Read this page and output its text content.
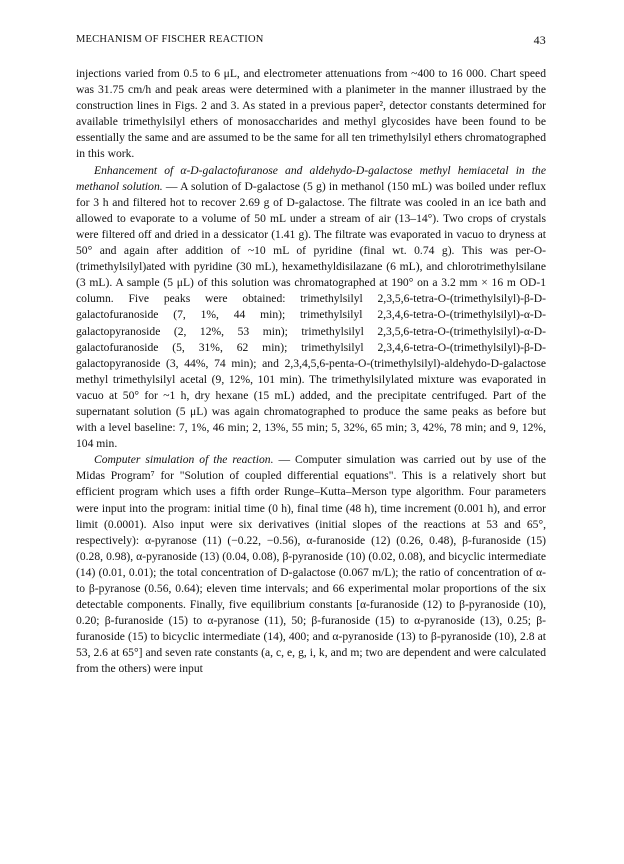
MECHANISM OF FISCHER REACTION	43

injections varied from 0.5 to 6 μL, and electrometer attenuations from ~400 to 16 000. Chart speed was 31.75 cm/h and peak areas were determined with a planimeter in the manner illustraed by the construction lines in Figs. 2 and 3. As stated in a previous paper², detector constants determined for available trimethylsilyl ethers of monosaccharides and methyl glycosides have been found to be essentially the same and are assumed to be the same for all ten trimethylsilyl ethers chromatographed in this work.

Enhancement of α-D-galactofuranose and aldehydo-D-galactose methyl hemiacetal in the methanol solution. — A solution of D-galactose (5 g) in methanol (150 mL) was boiled under reflux for 3 h and filtered hot to recover 2.69 g of D-galactose. The filtrate was cooled in an ice bath and allowed to evaporate to a volume of 50 mL under a stream of air (13–14°). Two crops of crystals were filtered off and dried in a dessicator (1.41 g). The filtrate was evaporated in vacuo to dryness at 50° and again after addition of ~10 mL of pyridine (final wt. 0.74 g). This was per-O-(trimethylsilyl)ated with pyridine (30 mL), hexamethyldisilazane (6 mL), and chlorotrimethylsilane (3 mL). A sample (5 μL) of this solution was chromatographed at 190° on a 3.2 mm × 16 m OD-1 column. Five peaks were obtained: trimethylsilyl 2,3,5,6-tetra-O-(trimethylsilyl)-β-D-galactofuranoside (7, 1%, 44 min); trimethylsilyl 2,3,4,6-tetra-O-(trimethylsilyl)-α-D-galactopyranoside (2, 12%, 53 min); trimethylsilyl 2,3,5,6-tetra-O-(trimethylsilyl)-α-D-galactofuranoside (5, 31%, 62 min); trimethylsilyl 2,3,4,6-tetra-O-(trimethylsilyl)-β-D-galactopyranoside (3, 44%, 74 min); and 2,3,4,5,6-penta-O-(trimethylsilyl)-aldehydo-D-galactose methyl trimethylsilyl acetal (9, 12%, 101 min). The trimethylsilylated mixture was evaporated in vacuo at 50° for ~1 h, dry hexane (15 mL) added, and the precipitate centrifuged. Part of the supernatant solution (5 μL) was again chromatographed to produce the same peaks as before but with a level baseline: 7, 1%, 46 min; 2, 13%, 55 min; 5, 32%, 65 min; 3, 42%, 78 min; and 9, 12%, 104 min.

Computer simulation of the reaction. — Computer simulation was carried out by use of the Midas Program⁷ for "Solution of coupled differential equations". This is a relatively short but efficient program which uses a fifth order Runge–Kutta–Merson type algorithm. Four parameters were input into the program: initial time (0 h), final time (48 h), time increment (0.001 h), and error limit (0.0001). Also input were six derivatives (initial slopes of the reactions at 53 and 65°, respectively): α-pyranose (11) (−0.22, −0.56), α-furanoside (12) (0.26, 0.48), β-furanoside (15) (0.28, 0.98), α-pyranoside (13) (0.04, 0.08), β-pyranoside (10) (0.02, 0.08), and bicyclic intermediate (14) (0.01, 0.01); the total concentration of D-galactose (0.067 m/L); the ratio of concentration of α- to β-pyranose (0.56, 0.64); eleven time intervals; and 66 experimental molar proportions of the six detectable components. Finally, five equilibrium constants [α-furanoside (12) to β-pyranoside (10), 0.20; β-furanoside (15) to α-pyranose (11), 50; β-furanoside (15) to α-pyranoside (13), 0.25; β-furanoside (15) to bicyclic intermediate (14), 400; and α-pyranoside (13) to β-pyranoside (10), 2.8 at 53, 2.6 at 65°] and seven rate constants (a, c, e, g, i, k, and m; two are dependent and were calculated from the others) were input
